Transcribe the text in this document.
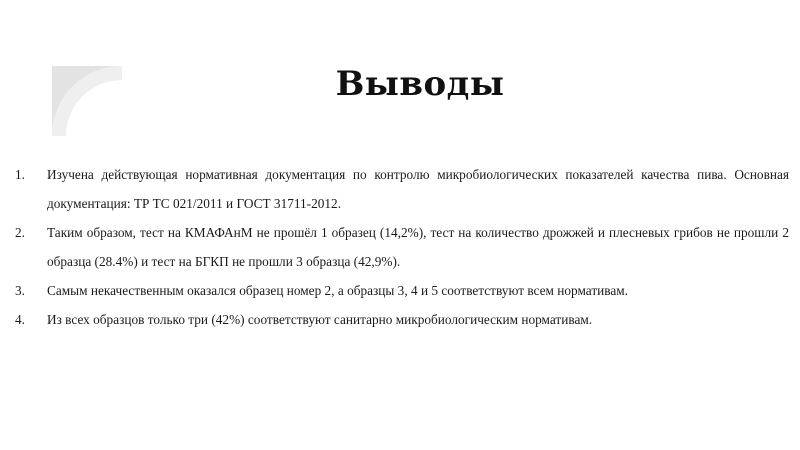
Выводы
1.	Изучена действующая нормативная документация по контролю микробиологических показателей качества пива. Основная документация: ТР ТС 021/2011 и ГОСТ 31711-2012.
2.	Таким образом, тест на КМАФАнМ не прошёл 1 образец (14,2%), тест на количество дрожжей и плесневых грибов не прошли 2 образца (28.4%) и тест на БГКП не прошли 3 образца (42,9%).
3.	Самым некачественным оказался образец номер 2, а образцы 3, 4 и 5 соответствуют всем нормативам.
4.	Из всех образцов только три (42%) соответствуют санитарно микробиологическим нормативам.
